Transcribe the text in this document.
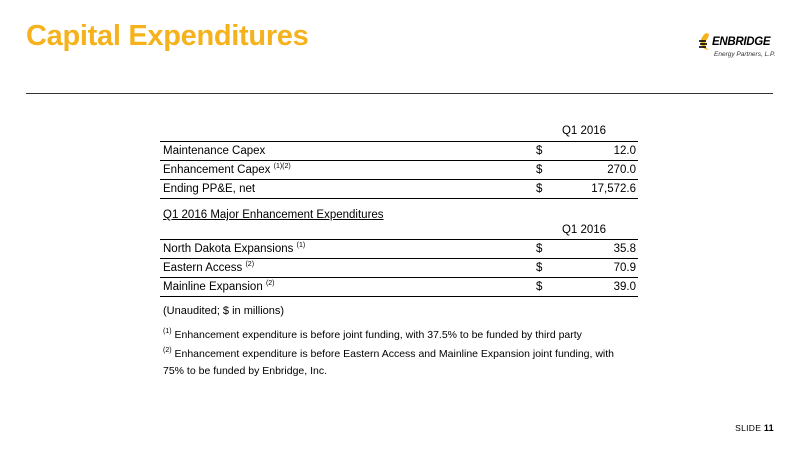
Capital Expenditures	ENBRIDGE
Energy Partners, L.P.
Q1 2016
Maintenance Capex	$	12.0
Enhancement Capex $^{(1)(2)}$	$	270.0
Ending PP&E, net	$	17,572.6
Q1 2016 Major Enhancement Expenditures
Q1 2016
North Dakota Expansions $^{(1)}$	$	35.8
Eastern Access $^{(2)}$	$	70.9
Mainline Expansion $^{(2)}$	$	39.0
(Unaudited; $ in millions)
$^{(1)}$ Enhancement expenditure is before joint funding, with 37.5% to be funded by third party
$^{(2)}$ Enhancement expenditure is before Eastern Access and Mainline Expansion joint funding, with 75% to be funded by Enbridge, Inc.
SLIDE 11
